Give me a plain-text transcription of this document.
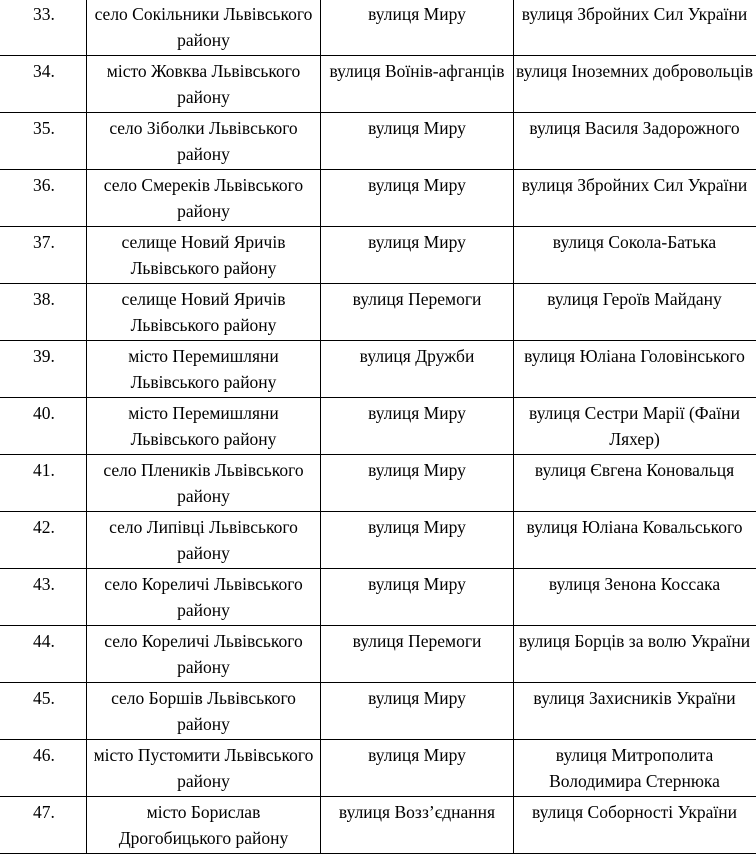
33.	село Сокільники Львівського району	вулиця Миру	вулиця Збройних Сил України

34.	місто Жовква Львівського району	вулиця Воїнів-афганців	вулиця Іноземних добровольців

35.	село Зіболки Львівського району	вулиця Миру	вулиця Василя Задорожного

36.	село Смереків Львівського району	вулиця Миру	вулиця Збройних Сил України

37.	селище Новий Яричів Львівського району	вулиця Миру	вулиця Сокола-Батька

38.	селище Новий Яричів Львівського району	вулиця Перемоги	вулиця Героїв Майдану

39.	місто Перемишляни Львівського району	вулиця Дружби	вулиця Юліана Головінського

40.	місто Перемишляни Львівського району	вулиця Миру	вулиця Сестри Марії (Фаїни Ляхер)

41.	село Плеників Львівського району	вулиця Миру	вулиця Євгена Коновальця

42.	село Липівці Львівського району	вулиця Миру	вулиця Юліана Ковальського

43.	село Кореличі Львівського району	вулиця Миру	вулиця Зенона Коссака

44.	село Кореличі Львівського району	вулиця Перемоги	вулиця Борців за волю України

45.	село Боршів Львівського району	вулиця Миру	вулиця Захисників України

46.	місто Пустомити Львівського району	вулиця Миру	вулиця Митрополита Володимира Стернюка

47.	місто Борислав Дрогобицького району	вулиця Возз’єднання	вулиця Соборності України
